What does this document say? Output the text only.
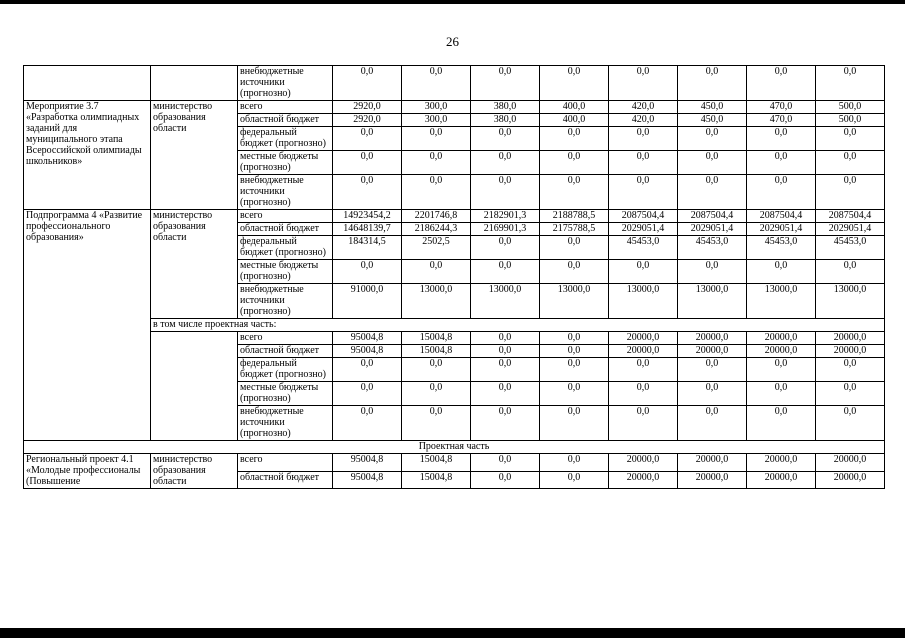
26
		внебюджетные источники (прогнозно)	0,0	0,0	0,0	0,0	0,0	0,0	0,0	0,0
Мероприятие 3.7 «Разработка олимпиадных заданий для муниципального этапа Всероссийской олимпиады школьников»	министерство образования области	всего	2920,0	300,0	380,0	400,0	420,0	450,0	470,0	500,0
		областной бюджет	2920,0	300,0	380,0	400,0	420,0	450,0	470,0	500,0
		федеральный бюджет (прогнозно)	0,0	0,0	0,0	0,0	0,0	0,0	0,0	0,0
		местные бюджеты (прогнозно)	0,0	0,0	0,0	0,0	0,0	0,0	0,0	0,0
		внебюджетные источники (прогнозно)	0,0	0,0	0,0	0,0	0,0	0,0	0,0	0,0
Подпрограмма 4 «Развитие профессионального образования»	министерство образования области	всего	14923454,2	2201746,8	2182901,3	2188788,5	2087504,4	2087504,4	2087504,4	2087504,4
		областной бюджет	14648139,7	2186244,3	2169901,3	2175788,5	2029051,4	2029051,4	2029051,4	2029051,4
		федеральный бюджет (прогнозно)	184314,5	2502,5	0,0	0,0	45453,0	45453,0	45453,0	45453,0
		местные бюджеты (прогнозно)	0,0	0,0	0,0	0,0	0,0	0,0	0,0	0,0
		внебюджетные источники (прогнозно)	91000,0	13000,0	13000,0	13000,0	13000,0	13000,0	13000,0	13000,0
	в том числе проектная часть:									
		всего	95004,8	15004,8	0,0	0,0	20000,0	20000,0	20000,0	20000,0
		областной бюджет	95004,8	15004,8	0,0	0,0	20000,0	20000,0	20000,0	20000,0
		федеральный бюджет (прогнозно)	0,0	0,0	0,0	0,0	0,0	0,0	0,0	0,0
		местные бюджеты (прогнозно)	0,0	0,0	0,0	0,0	0,0	0,0	0,0	0,0
		внебюджетные источники (прогнозно)	0,0	0,0	0,0	0,0	0,0	0,0	0,0	0,0
Проектная часть										
Региональный проект 4.1 «Молодые профессионалы (Повышение	министерство образования области	всего	95004,8	15004,8	0,0	0,0	20000,0	20000,0	20000,0	20000,0
		областной бюджет	95004,8	15004,8	0,0	0,0	20000,0	20000,0	20000,0	20000,0
